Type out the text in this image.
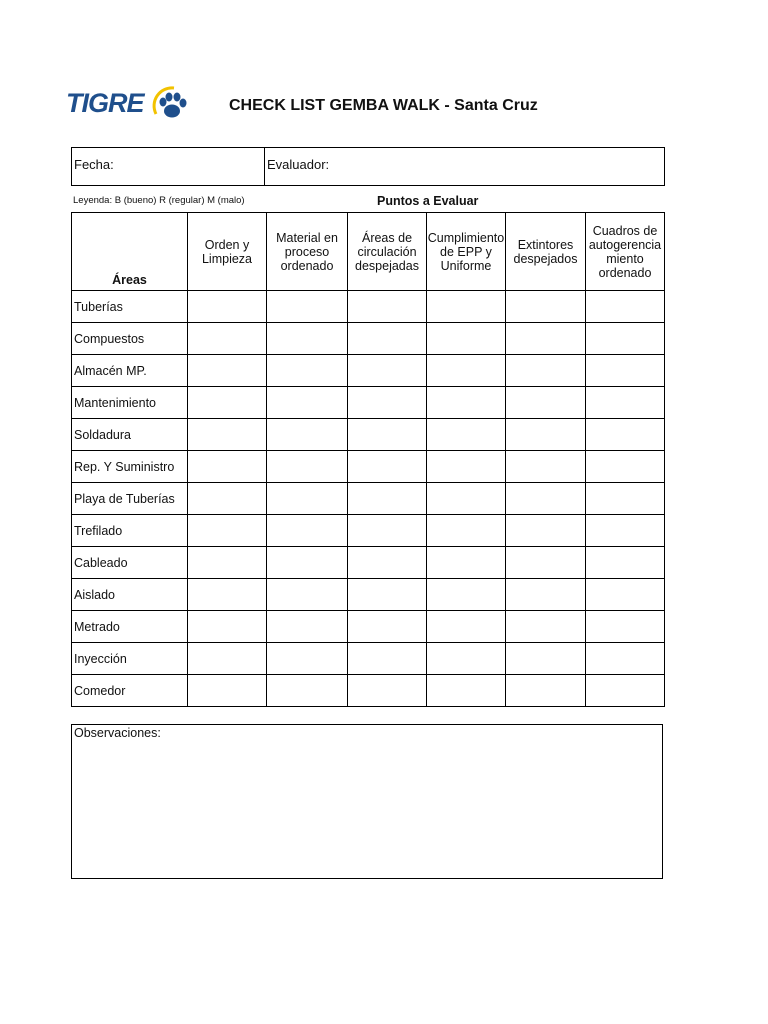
TIGRE	CHECK LIST GEMBA WALK - Santa Cruz
Fecha:	Evaluador:
Leyenda: B (bueno) R (regular) M (malo)	Puntos a Evaluar
Áreas	Orden y Limpieza	Material en proceso ordenado	Áreas de circulación despejadas	Cumplimiento de EPP y Uniforme	Extintores despejados	Cuadros de autogerencia miento ordenado
Tuberías						
Compuestos						
Almacén MP.						
Mantenimiento						
Soldadura						
Rep. Y Suministro						
Playa de Tuberías						
Trefilado						
Cableado						
Aislado						
Metrado						
Inyección						
Comedor						
Observaciones:
